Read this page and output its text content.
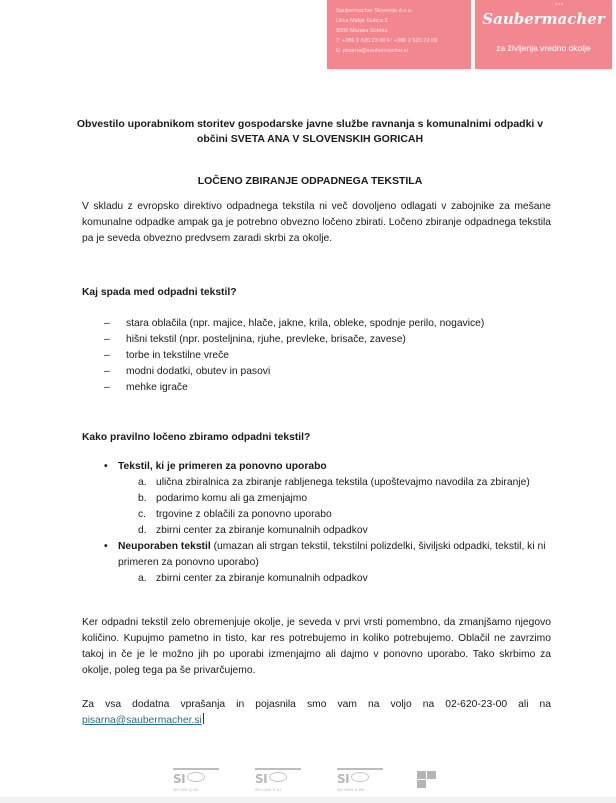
Saubermacher Slovenija d.o.o.
Ulica Matije Gubca 2
9000 Murska Sobota
T: +386 2 620 23 00 F: +386 2 620 23 09
E: pisarna@saubermacher.si
°°°
Saubermacher
za življenja vredno okolje
Obvestilo uporabnikom storitev gospodarske javne službe ravnanja s komunalnimi odpadki v občini SVETA ANA V SLOVENSKIH GORICAH
LOČENO ZBIRANJE ODPADNEGA TEKSTILA
V skladu z evropsko direktivo odpadnega tekstila ni več dovoljeno odlagati v zabojnike za mešane komunalne odpadke ampak ga je potrebno obvezno ločeno zbirati. Ločeno zbiranje odpadnega tekstila pa je seveda obvezno predvsem zaradi skrbi za okolje.
Kaj spada med odpadni tekstil?
– stara oblačila (npr. majice, hlače, jakne, krila, obleke, spodnje perilo, nogavice)
– hišni tekstil (npr. posteljnina, rjuhe, prevleke, brisače, zavese)
– torbe in tekstilne vreče
– modni dodatki, obutev in pasovi
– mehke igrače
Kako pravilno ločeno zbiramo odpadni tekstil?
• Tekstil, ki je primeren za ponovno uporabo
a. ulična zbiralnica za zbiranje rabljenega tekstila (upoštevajmo navodila za zbiranje)
b. podarimo komu ali ga zmenjajmo
c. trgovine z oblačili za ponovno uporabo
d. zbirni center za zbiranje komunalnih odpadkov
• Neuporaben tekstil (umazan ali strgan tekstil, tekstilni polizdelki, šiviljski odpadki, tekstil, ki ni primeren za ponovno uporabo)
a. zbirni center za zbiranje komunalnih odpadkov
Ker odpadni tekstil zelo obremenjuje okolje, je seveda v prvi vrsti pomembno, da zmanjšamo njegovo količino. Kupujmo pametno in tisto, kar res potrebujemo in koliko potrebujemo. Oblačil ne zavrzimo takoj in če je le možno jih po uporabi izmenjajmo ali dajmo v ponovno uporabo. Tako skrbimo za okolje, poleg tega pa še privarčujemo.
Za vsa dodatna vprašanja in pojasnila smo vam na voljo na 02-620-23-00 ali na pisarna@saubermacher.si
SI
ISO 9001 Q-190
SI
ISO 14001 E-111
SI
ISO 45001 H-085
